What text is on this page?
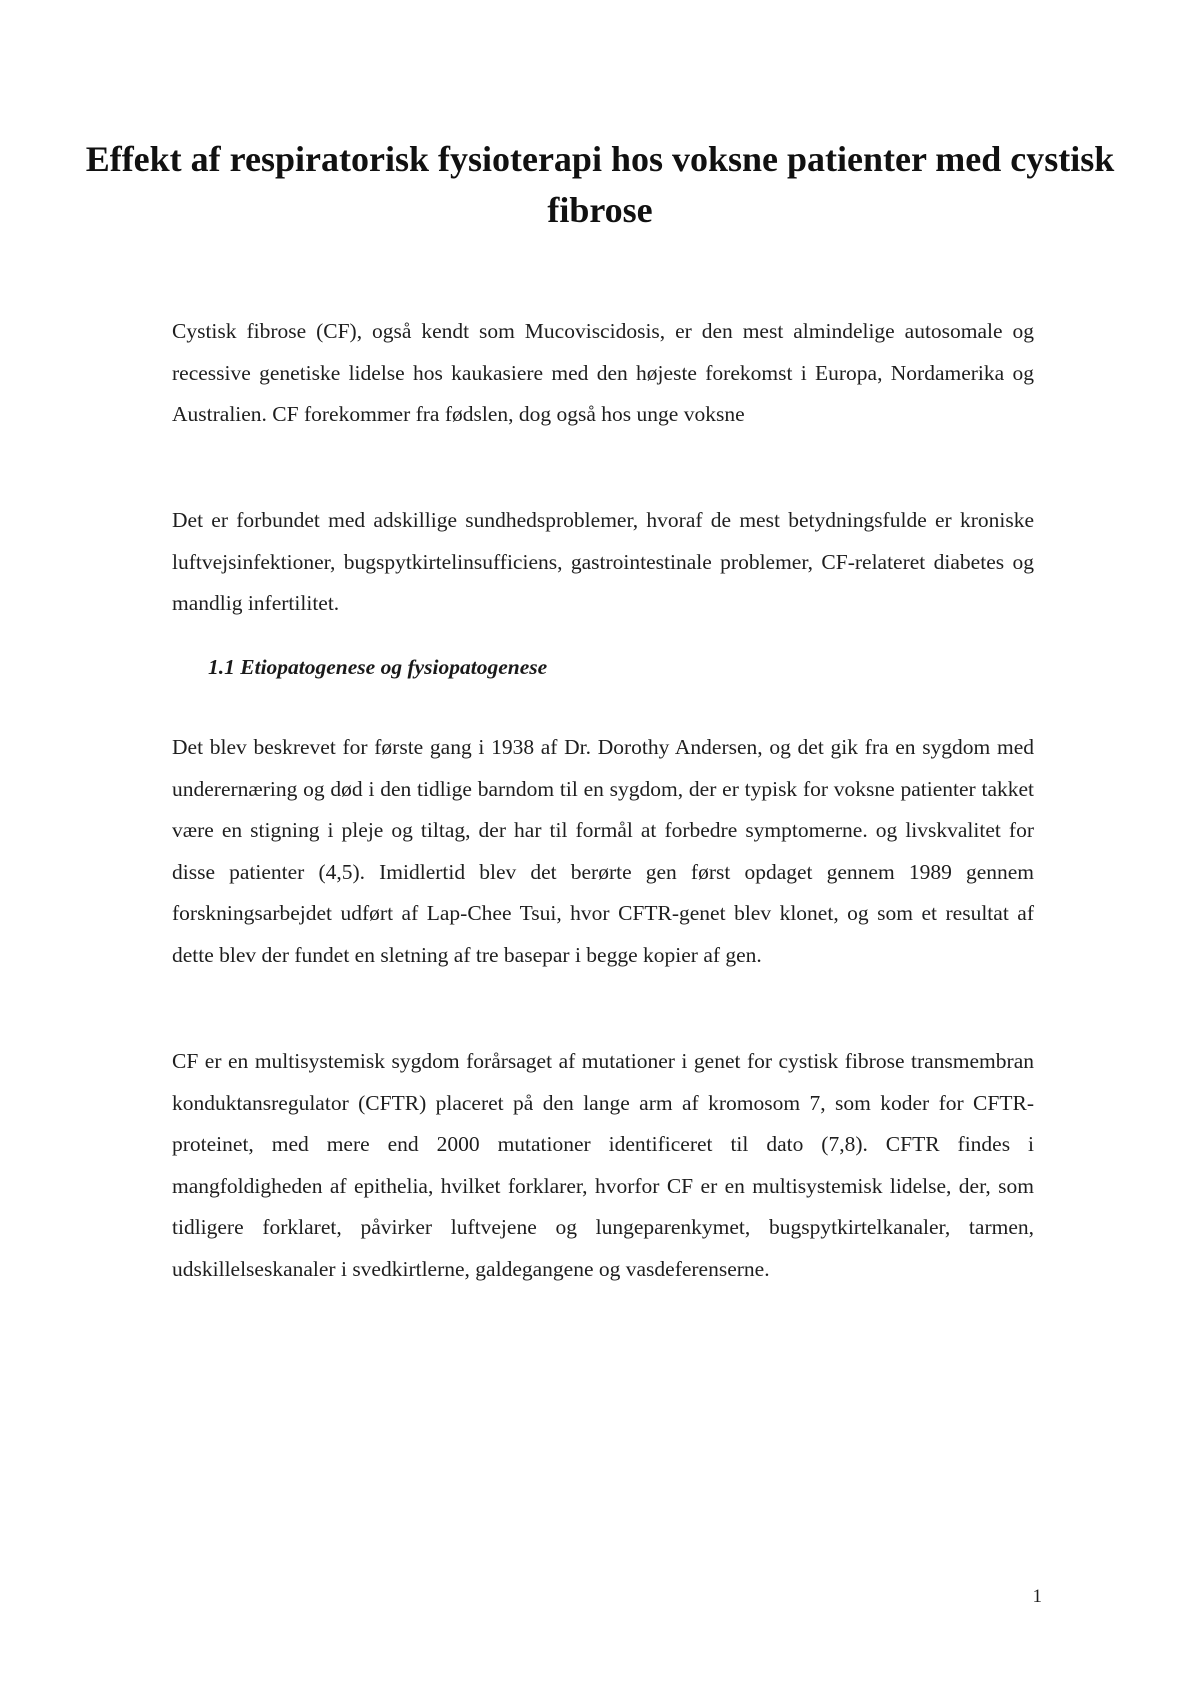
Effekt af respiratorisk fysioterapi hos voksne patienter med cystisk fibrose

Cystisk fibrose (CF), også kendt som Mucoviscidosis, er den mest almindelige autosomale og recessive genetiske lidelse hos kaukasiere med den højeste forekomst i Europa, Nordamerika og Australien. CF forekommer fra fødslen, dog også hos unge voksne

Det er forbundet med adskillige sundhedsproblemer, hvoraf de mest betydningsfulde er kroniske luftvejsinfektioner, bugspytkirtelinsufficiens, gastrointestinale problemer, CF-relateret diabetes og mandlig infertilitet.

1.1 Etiopatogenese og fysiopatogenese

Det blev beskrevet for første gang i 1938 af Dr. Dorothy Andersen, og det gik fra en sygdom med underernæring og død i den tidlige barndom til en sygdom, der er typisk for voksne patienter takket være en stigning i pleje og tiltag, der har til formål at forbedre symptomerne. og livskvalitet for disse patienter (4,5). Imidlertid blev det berørte gen først opdaget gennem 1989 gennem forskningsarbejdet udført af Lap-Chee Tsui, hvor CFTR-genet blev klonet, og som et resultat af dette blev der fundet en sletning af tre basepar i begge kopier af gen.

CF er en multisystemisk sygdom forårsaget af mutationer i genet for cystisk fibrose transmembran konduktansregulator (CFTR) placeret på den lange arm af kromosom 7, som koder for CFTR-proteinet, med mere end 2000 mutationer identificeret til dato (7,8). CFTR findes i mangfoldigheden af epithelia, hvilket forklarer, hvorfor CF er en multisystemisk lidelse, der, som tidligere forklaret, påvirker luftvejene og lungeparenkymet, bugspytkirtelkanaler, tarmen, udskillelseskanaler i svedkirtlerne, galdegangene og vasdeferenserne.

1
